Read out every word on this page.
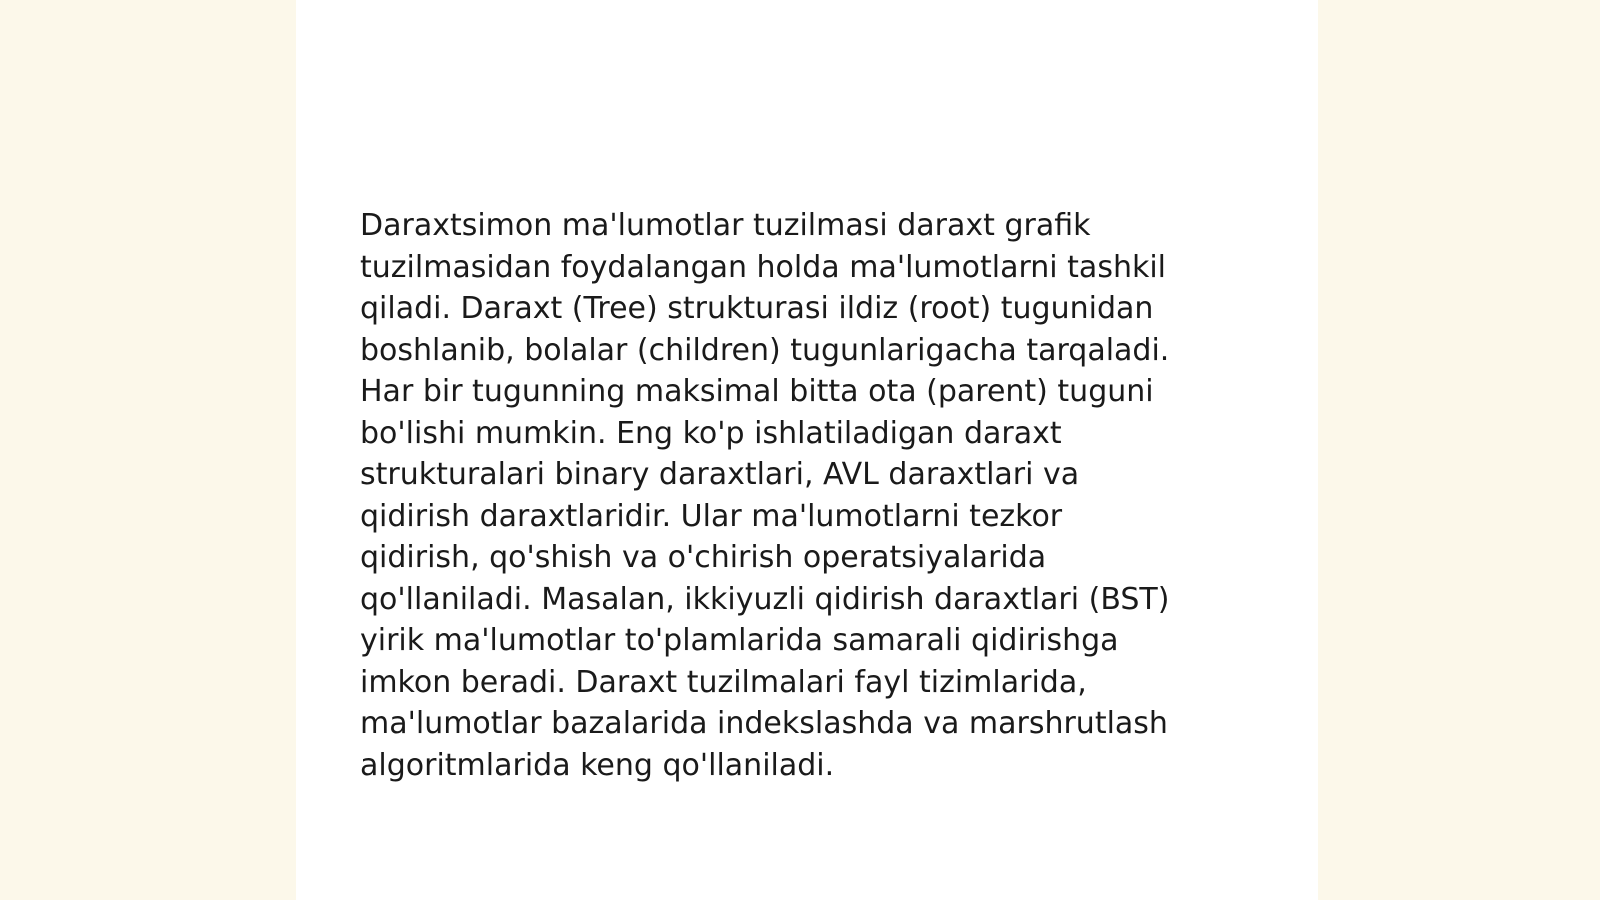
Daraxtsimon ma'lumotlar tuzilmasi daraxt grafik
tuzilmasidan foydalangan holda ma'lumotlarni tashkil
qiladi. Daraxt (Tree) strukturasi ildiz (root) tugunidan
boshlanib, bolalar (children) tugunlarigacha tarqaladi.
Har bir tugunning maksimal bitta ota (parent) tuguni
bo'lishi mumkin. Eng ko'p ishlatiladigan daraxt
strukturalari binary daraxtlari, AVL daraxtlari va
qidirish daraxtlaridir. Ular ma'lumotlarni tezkor
qidirish, qo'shish va o'chirish operatsiyalarida
qo'llaniladi. Masalan, ikkiyuzli qidirish daraxtlari (BST)
yirik ma'lumotlar to'plamlarida samarali qidirishga
imkon beradi. Daraxt tuzilmalari fayl tizimlarida,
ma'lumotlar bazalarida indekslashda va marshrutlash
algoritmlarida keng qo'llaniladi.
